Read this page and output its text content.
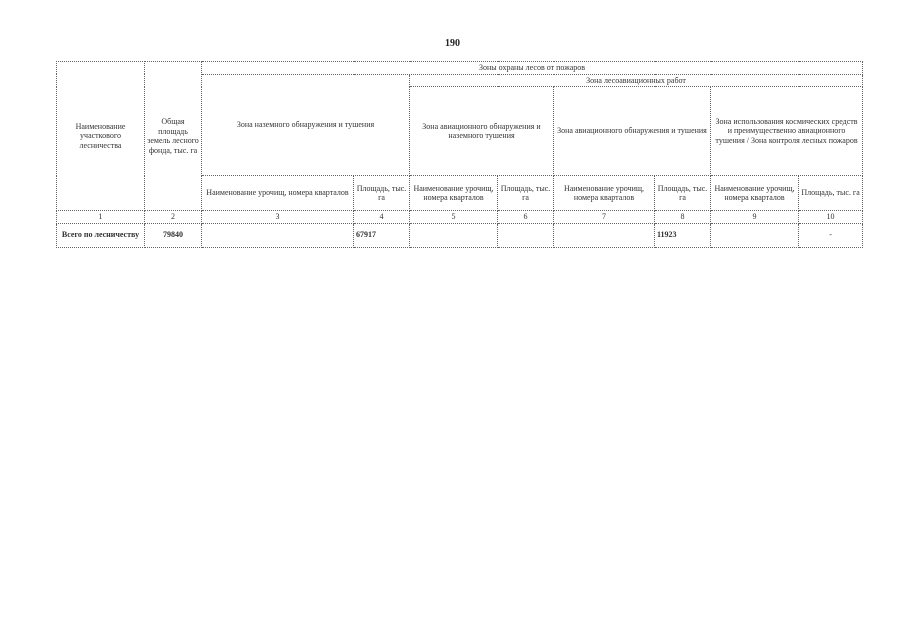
190
Наименование участкового лесничества	Общая площадь земель лесного фонда, тыс. га	Зоны охраны лесов от пожаров							
		Зона наземного обнаружения и тушения		Зона лесоавиационных работ					
				Зона авиационного обнаружения и наземного тушения		Зона авиационного обнаружения и тушения		Зона использования космических средств и преимущественно авиационного тушения / Зона контроля лесных пожаров	
		Наименование урочищ, номера кварталов	Площадь, тыс. га	Наименование урочищ, номера кварталов	Площадь, тыс. га	Наименование урочищ, номера кварталов	Площадь, тыс. га	Наименование урочищ, номера кварталов	Площадь, тыс. га
1	2	3	4	5	6	7	8	9	10
Всего по лесничеству	79840		67917				11923		-
